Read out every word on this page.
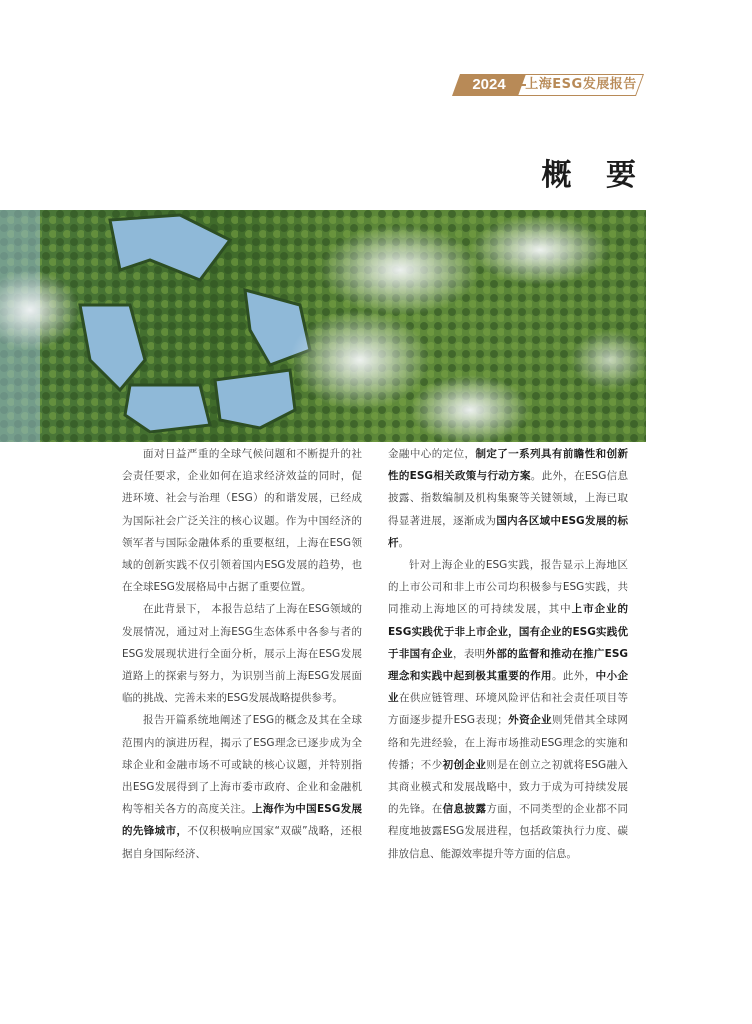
2024	上海ESG发展报告
概 要

面对日益严重的全球气候问题和不断提升的社会责任要求，企业如何在追求经济效益的同时，促进环境、社会与治理（ESG）的和谐发展，已经成为国际社会广泛关注的核心议题。作为中国经济的领军者与国际金融体系的重要枢纽，上海在ESG领域的创新实践不仅引领着国内ESG发展的趋势，也在全球ESG发展格局中占据了重要位置。

在此背景下， 本报告总结了上海在ESG领域的发展情况，通过对上海ESG生态体系中各参与者的ESG发展现状进行全面分析，展示上海在ESG发展道路上的探索与努力，为识别当前上海ESG发展面临的挑战、完善未来的ESG发展战略提供参考。

报告开篇系统地阐述了ESG的概念及其在全球范围内的演进历程，揭示了ESG理念已逐步成为全球企业和金融市场不可或缺的核心议题，并特别指出ESG发展得到了上海市委市政府、企业和金融机构等相关各方的高度关注。上海作为中国ESG发展的先锋城市，不仅积极响应国家“双碳”战略，还根据自身国际经济、

金融中心的定位，制定了一系列具有前瞻性和创新性的ESG相关政策与行动方案。此外，在ESG信息披露、指数编制及机构集聚等关键领域，上海已取得显著进展，逐渐成为国内各区域中ESG发展的标杆。

针对上海企业的ESG实践，报告显示上海地区的上市公司和非上市公司均积极参与ESG实践，共同推动上海地区的可持续发展，其中上市企业的ESG实践优于非上市企业，国有企业的ESG实践优于非国有企业，表明外部的监督和推动在推广ESG理念和实践中起到极其重要的作用。此外，中小企业在供应链管理、环境风险评估和社会责任项目等方面逐步提升ESG表现；外资企业则凭借其全球网络和先进经验，在上海市场推动ESG理念的实施和传播；不少初创企业则是在创立之初就将ESG融入其商业模式和发展战略中，致力于成为可持续发展的先锋。在信息披露方面，不同类型的企业都不同程度地披露ESG发展进程，包括政策执行力度、碳排放信息、能源效率提升等方面的信息。
